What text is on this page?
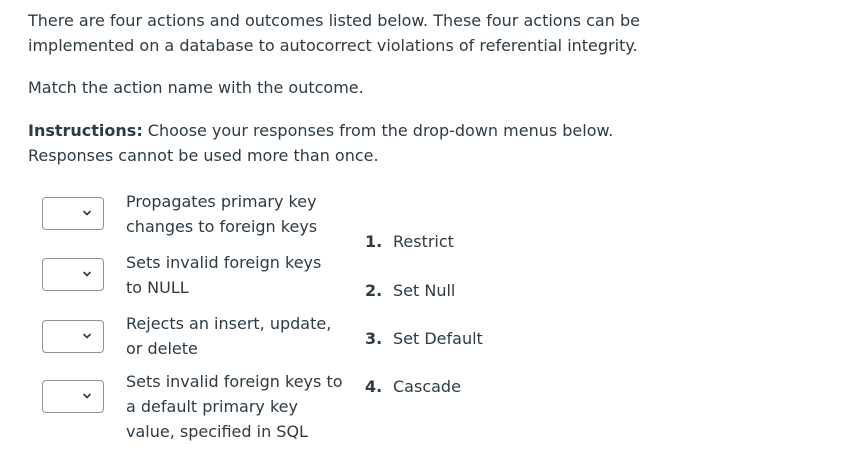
There are four actions and outcomes listed below. These four actions can be implemented on a database to autocorrect violations of referential integrity.

Match the action name with the outcome.

Instructions: Choose your responses from the drop-down menus below. Responses cannot be used more than once.

Propagates primary key changes to foreign keys
Sets invalid foreign keys to NULL
Rejects an insert, update, or delete
Sets invalid foreign keys to a default primary key value, specified in SQL
1. Restrict
2. Set Null
3. Set Default
4. Cascade
